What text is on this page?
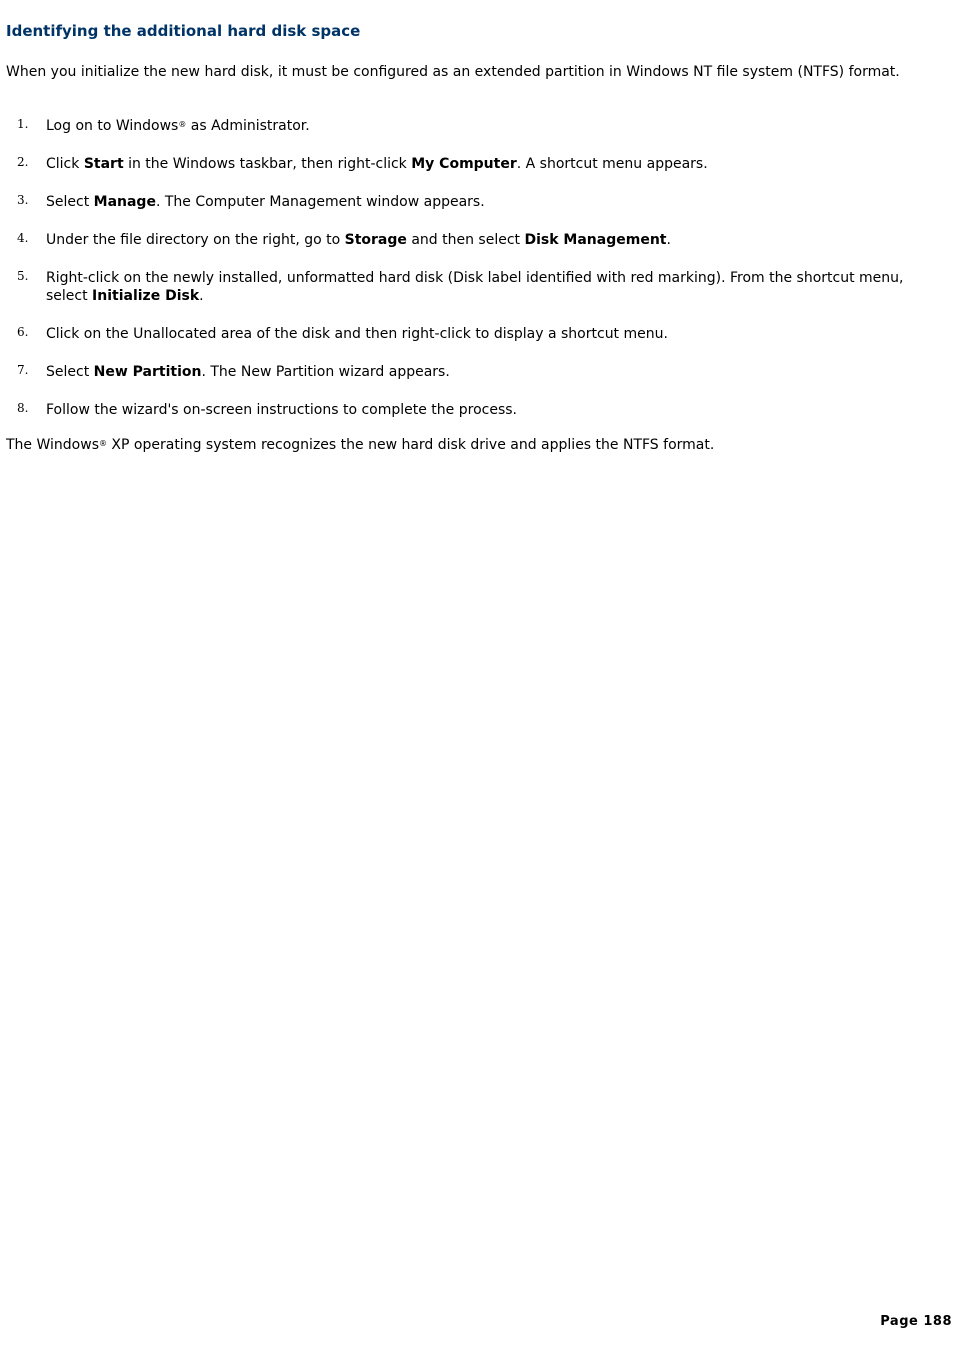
Identifying the additional hard disk space

When you initialize the new hard disk, it must be configured as an extended partition in Windows NT file system (NTFS) format.

1. Log on to Windows® as Administrator.
2. Click Start in the Windows taskbar, then right-click My Computer. A shortcut menu appears.
3. Select Manage. The Computer Management window appears.
4. Under the file directory on the right, go to Storage and then select Disk Management.
5. Right-click on the newly installed, unformatted hard disk (Disk label identified with red marking). From the shortcut menu, select Initialize Disk.
6. Click on the Unallocated area of the disk and then right-click to display a shortcut menu.
7. Select New Partition. The New Partition wizard appears.
8. Follow the wizard's on-screen instructions to complete the process.

The Windows® XP operating system recognizes the new hard disk drive and applies the NTFS format.

Page 188
